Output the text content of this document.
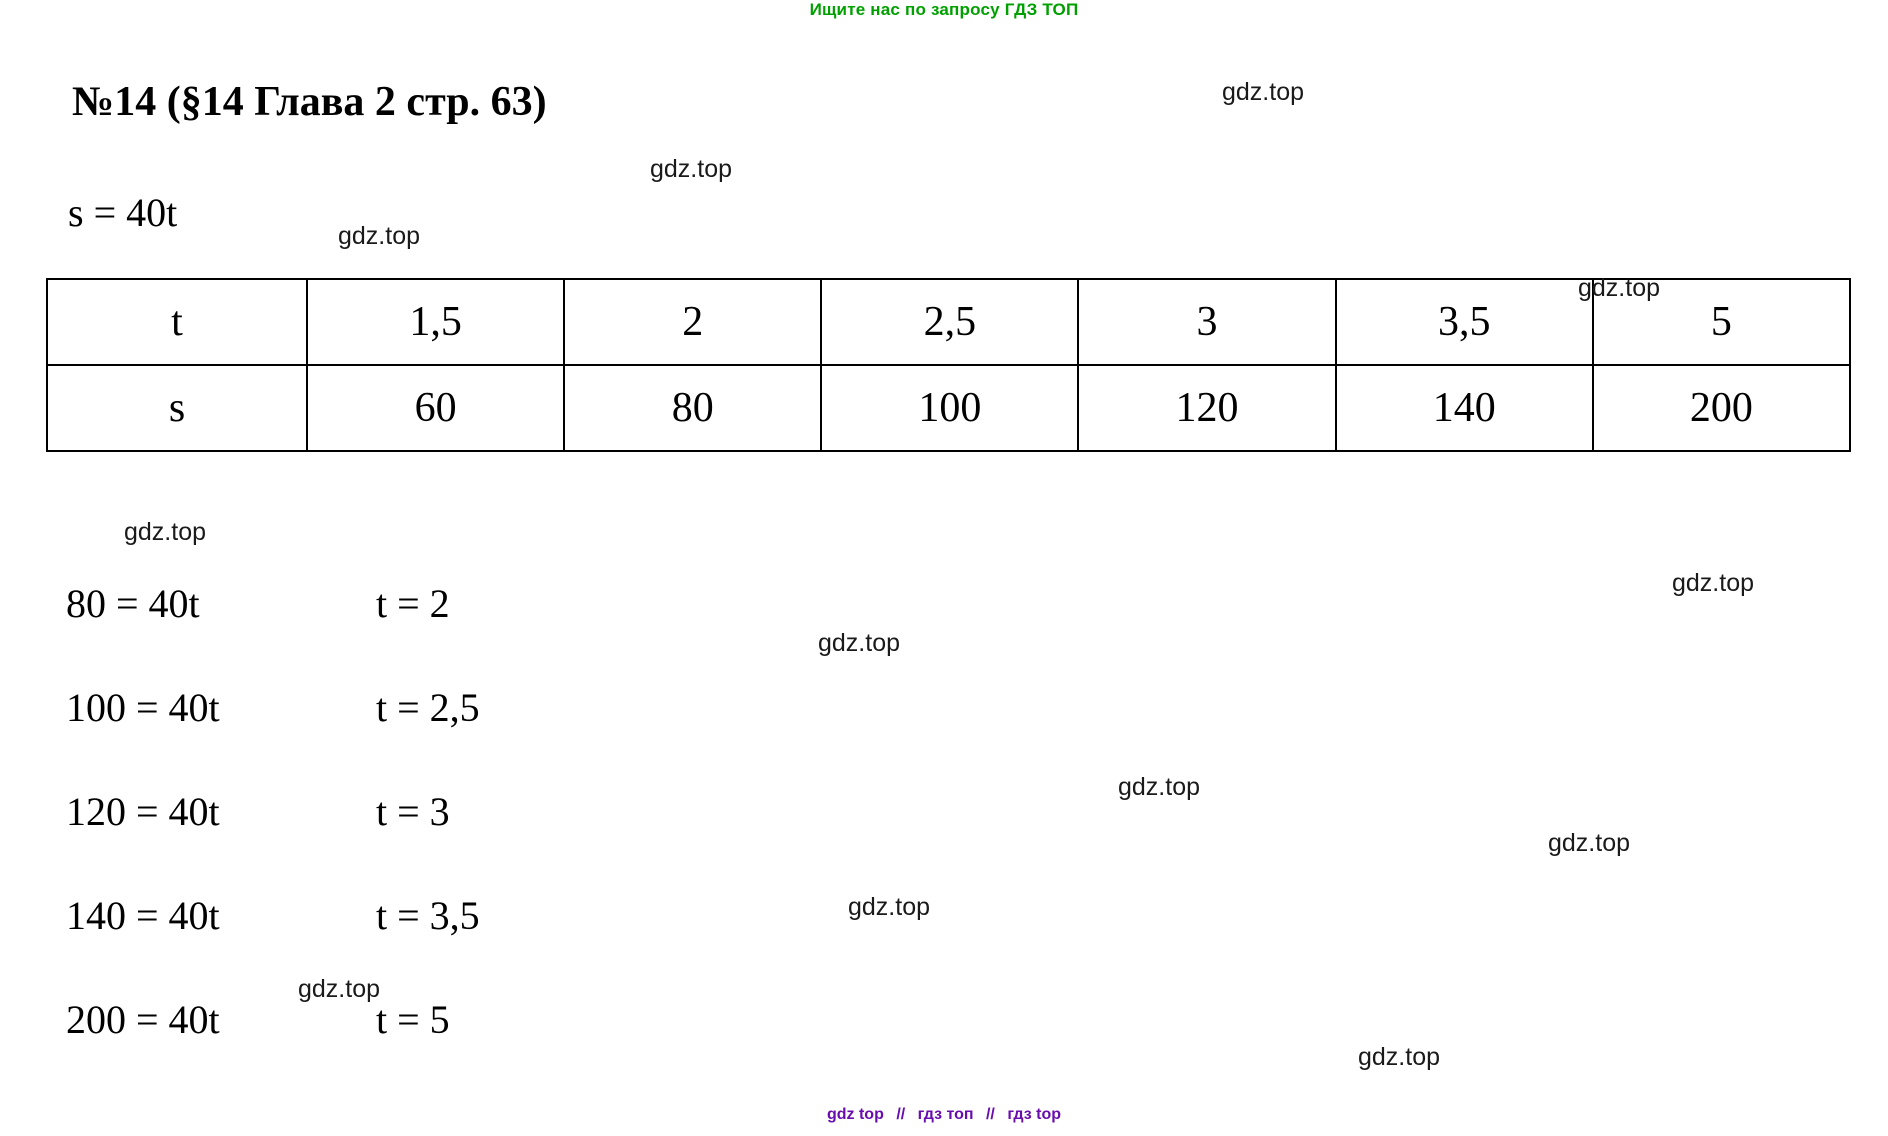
Ищите нас по запросу ГДЗ ТОП
№14 (§14 Глава 2 стр. 63)
s = 40t
t	1,5	2	2,5	3	3,5	5
s	60	80	100	120	140	200
80 = 40t	t = 2
100 = 40t	t = 2,5
120 = 40t	t = 3
140 = 40t	t = 3,5
200 = 40t	t = 5
gdz.top
gdz.top
gdz.top
gdz.top
gdz.top
gdz.top
gdz.top
gdz.top
gdz.top
gdz.top
gdz.top
gdz.top
gdz top // гдз топ // гдз top
